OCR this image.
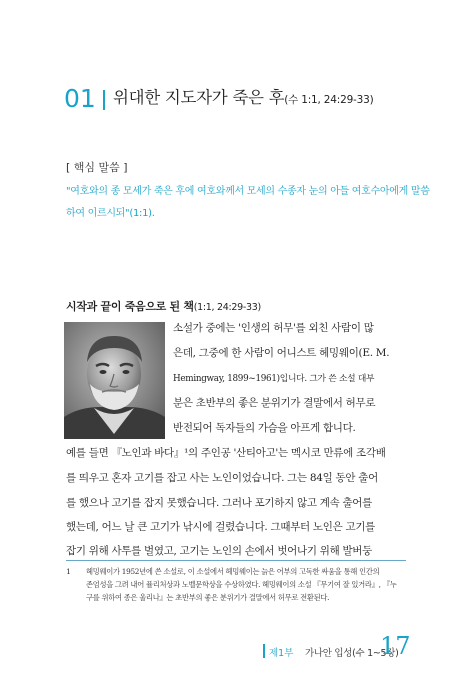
01 위대한 지도자가 죽은 후(수 1:1, 24:29-33)
[ 핵심 말씀 ]
"여호와의 종 모세가 죽은 후에 여호와께서 모세의 수종자 눈의 아들 여호수아에게 말씀
하여 이르시되"(1:1).
시작과 끝이 죽음으로 된 책(1:1, 24:29-33)
소설가 중에는 '인생의 허무'를 외친 사람이 많
은데, 그중에 한 사람이 어니스트 헤밍웨이(E. M.
Hemingway, 1899~1961)입니다. 그가 쓴 소설 대부
분은 초반부의 좋은 분위기가 결말에서 허무로
반전되어 독자들의 가슴을 아프게 합니다.
예를 들면 『노인과 바다』¹의 주인공 '산티아고'는 멕시코 만류에 조각배
를 띄우고 혼자 고기를 잡고 사는 노인이었습니다. 그는 84일 동안 출어
를 했으나 고기를 잡지 못했습니다. 그러나 포기하지 않고 계속 출어를
했는데, 어느 날 큰 고기가 낚시에 걸렸습니다. 그때부터 노인은 고기를
잡기 위해 사투를 벌였고, 고기는 노인의 손에서 벗어나기 위해 발버둥
1 헤밍웨이가 1952년에 쓴 소설로, 이 소설에서 헤밍웨이는 늙은 어부의 고독한 싸움을 통해 인간의
존엄성을 그려 내어 퓰리처상과 노벨문학상을 수상하였다. 헤밍웨이의 소설 『무기여 잘 있거라』, 『누
구를 위하여 종은 울리나』는 초반부의 좋은 분위기가 결말에서 허무로 전환된다.
제1부 가나안 입성(수 1~5장)
17
